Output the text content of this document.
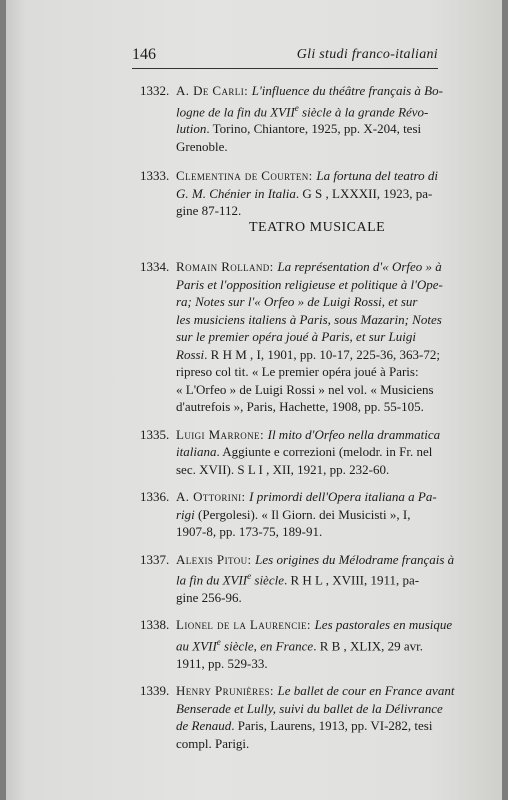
146	Gli studi franco-italiani
1332. A. De Carli: L'influence du théâtre français à Bo-
logne de la fin du XVIIe siècle à la grande Révo-
lution. Torino, Chiantore, 1925, pp. X-204, tesi
Grenoble.
1333. Clementina de Courten: La fortuna del teatro di
G. M. Chénier in Italia. G S , LXXXII, 1923, pa-
gine 87-112.
TEATRO MUSICALE
1334. Romain Rolland: La représentation d'« Orfeo » à
Paris et l'opposition religieuse et politique à l'Ope-
ra; Notes sur l'« Orfeo » de Luigi Rossi, et sur
les musiciens italiens à Paris, sous Mazarin; Notes
sur le premier opéra joué à Paris, et sur Luigi
Rossi. R H M , I, 1901, pp. 10-17, 225-36, 363-72;
ripreso col tit. « Le premier opéra joué à Paris:
« L'Orfeo » de Luigi Rossi » nel vol. « Musiciens
d'autrefois », Paris, Hachette, 1908, pp. 55-105.
1335. Luigi Marrone: Il mito d'Orfeo nella drammatica
italiana. Aggiunte e correzioni (melodr. in Fr. nel
sec. XVII). S L I , XII, 1921, pp. 232-60.
1336. A. Ottorini: I primordi dell'Opera italiana a Pa-
rigi (Pergolesi). « Il Giorn. dei Musicisti », I,
1907-8, pp. 173-75, 189-91.
1337. Alexis Pitou: Les origines du Mélodrame français à
la fin du XVIIe siècle. R H L , XVIII, 1911, pa-
gine 256-96.
1338. Lionel de la Laurencie: Les pastorales en musique
au XVIIe siècle, en France. R B , XLIX, 29 avr.
1911, pp. 529-33.
1339. Henry Prunières: Le ballet de cour en France avant
Benserade et Lully, suivi du ballet de la Délivrance
de Renaud. Paris, Laurens, 1913, pp. VI-282, tesi
compl. Parigi.
